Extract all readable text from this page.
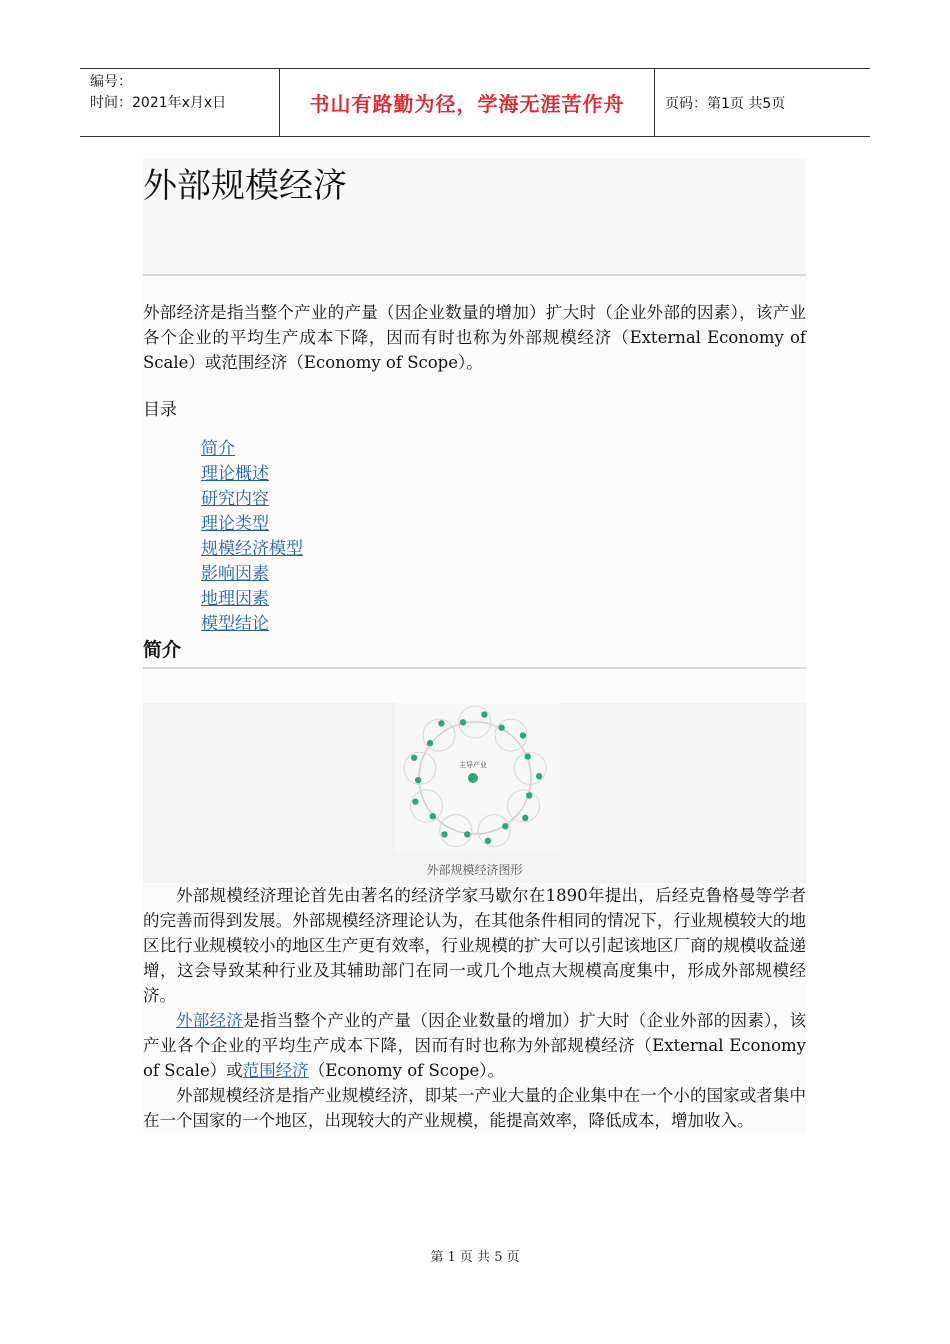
编号：
时间：2021年x月x日	书山有路勤为径，学海无涯苦作舟	页码：第1页 共5页
外部规模经济

外部经济是指当整个产业的产量（因企业数量的增加）扩大时（企业外部的因素），该产业各个企业的平均生产成本下降，因而有时也称为外部规模经济（External Economy of Scale）或范围经济（Economy of Scope）。

目录
简介
理论概述
研究内容
理论类型
规模经济模型
影响因素
地理因素
模型结论
简介
主导产业
外部规模经济图形

外部规模经济理论首先由著名的经济学家马歇尔在1890年提出，后经克鲁格曼等学者的完善而得到发展。外部规模经济理论认为，在其他条件相同的情况下，行业规模较大的地区比行业规模较小的地区生产更有效率，行业规模的扩大可以引起该地区厂商的规模收益递增，这会导致某种行业及其辅助部门在同一或几个地点大规模高度集中，形成外部规模经济。

外部经济是指当整个产业的产量（因企业数量的增加）扩大时（企业外部的因素），该产业各个企业的平均生产成本下降，因而有时也称为外部规模经济（External Economy of Scale）或范围经济（Economy of Scope）。

外部规模经济是指产业规模经济，即某一产业大量的企业集中在一个小的国家或者集中在一个国家的一个地区，出现较大的产业规模，能提高效率，降低成本，增加收入。

第 1 页 共 5 页
